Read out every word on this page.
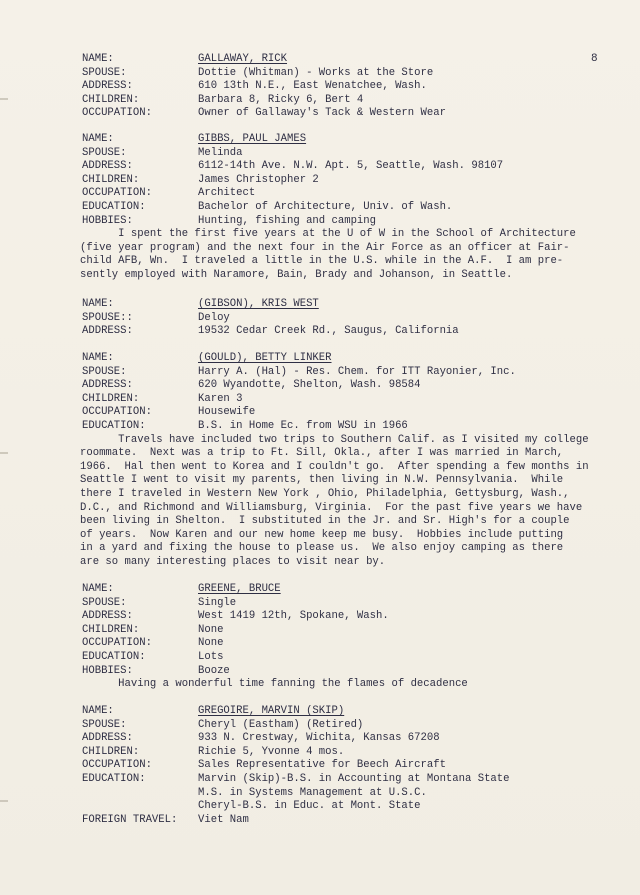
8
NAME:	GALLAWAY, RICK
SPOUSE:	Dottie (Whitman) - Works at the Store
ADDRESS:	610 13th N.E., East Wenatchee, Wash.
CHILDREN:	Barbara 8, Ricky 6, Bert 4
OCCUPATION:	Owner of Gallaway's Tack & Western Wear
NAME:	GIBBS, PAUL JAMES
SPOUSE:	Melinda
ADDRESS:	6112-14th Ave. N.W. Apt. 5, Seattle, Wash. 98107
CHILDREN:	James Christopher 2
OCCUPATION:	Architect
EDUCATION:	Bachelor of Architecture, Univ. of Wash.
HOBBIES:	Hunting, fishing and camping
I spent the first five years at the U of W in the School of Architecture
(five year program) and the next four in the Air Force as an officer at Fair-
child AFB, Wn.  I traveled a little in the U.S. while in the A.F.  I am pre-
sently employed with Naramore, Bain, Brady and Johanson, in Seattle.
NAME:	(GIBSON), KRIS WEST
SPOUSE::	Deloy
ADDRESS:	19532 Cedar Creek Rd., Saugus, California
NAME:	(GOULD), BETTY LINKER
SPOUSE:	Harry A. (Hal) - Res. Chem. for ITT Rayonier, Inc.
ADDRESS:	620 Wyandotte, Shelton, Wash. 98584
CHILDREN:	Karen 3
OCCUPATION:	Housewife
EDUCATION:	B.S. in Home Ec. from WSU in 1966
Travels have included two trips to Southern Calif. as I visited my college
roommate.  Next was a trip to Ft. Sill, Okla., after I was married in March,
1966.  Hal then went to Korea and I couldn't go.  After spending a few months in
Seattle I went to visit my parents, then living in N.W. Pennsylvania.  While
there I traveled in Western New York , Ohio, Philadelphia, Gettysburg, Wash.,
D.C., and Richmond and Williamsburg, Virginia.  For the past five years we have
been living in Shelton.  I substituted in the Jr. and Sr. High's for a couple
of years.  Now Karen and our new home keep me busy.  Hobbies include putting
in a yard and fixing the house to please us.  We also enjoy camping as there
are so many interesting places to visit near by.
NAME:	GREENE, BRUCE
SPOUSE:	Single
ADDRESS:	West 1419 12th, Spokane, Wash.
CHILDREN:	None
OCCUPATION:	None
EDUCATION:	Lots
HOBBIES:	Booze
Having a wonderful time fanning the flames of decadence
NAME:	GREGOIRE, MARVIN (SKIP)
SPOUSE:	Cheryl (Eastham) (Retired)
ADDRESS:	933 N. Crestway, Wichita, Kansas 67208
CHILDREN:	Richie 5, Yvonne 4 mos.
OCCUPATION:	Sales Representative for Beech Aircraft
EDUCATION:	Marvin (Skip)-B.S. in Accounting at Montana State
M.S. in Systems Management at U.S.C.
Cheryl-B.S. in Educ. at Mont. State
FOREIGN TRAVEL: Viet Nam
